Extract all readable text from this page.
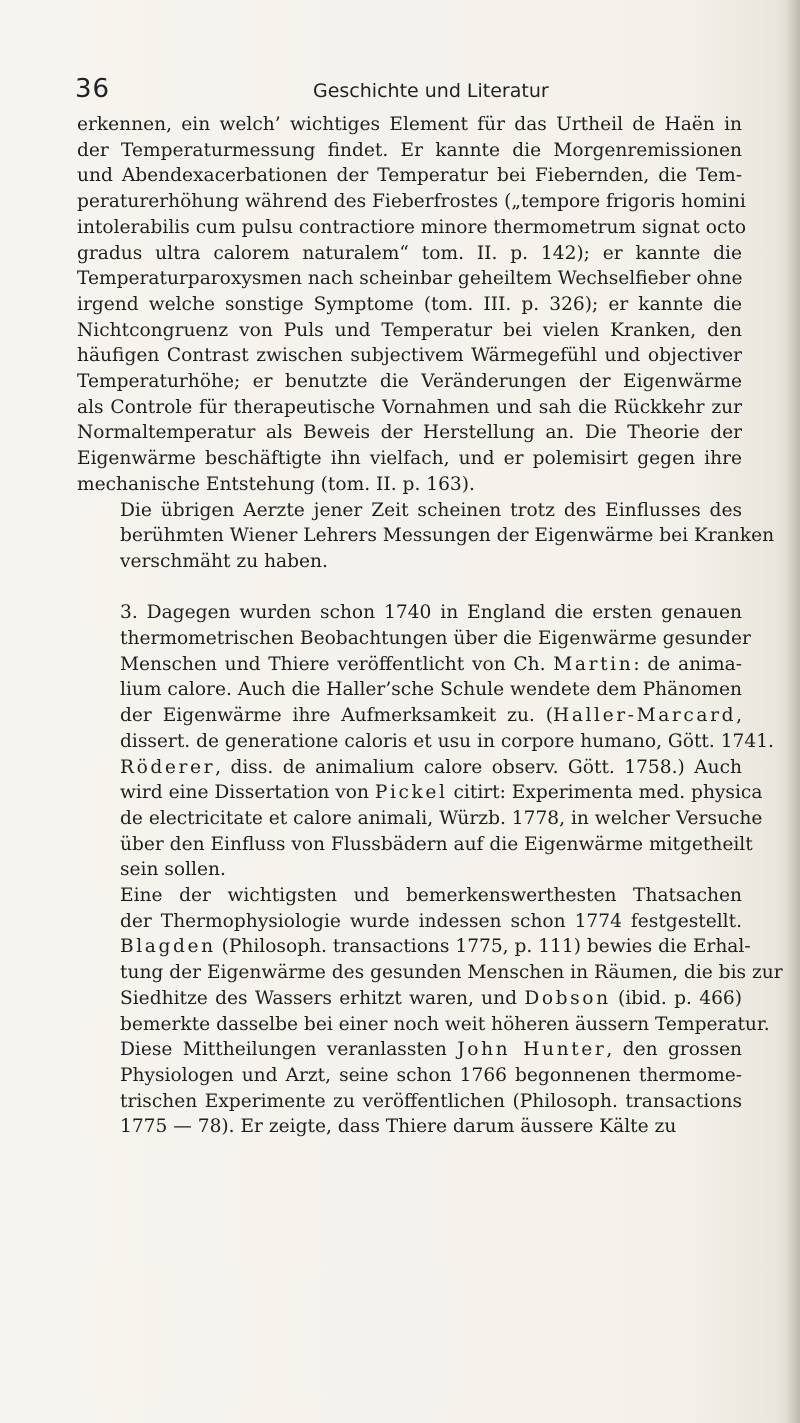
36	Geschichte und Literatur

erkennen, ein welch’ wichtiges Element für das Urtheil de Haën in
der Temperaturmessung findet. Er kannte die Morgenremissionen
und Abendexacerbationen der Temperatur bei Fiebernden, die Tem-
peraturerhöhung während des Fieberfrostes („tempore frigoris homini
intolerabilis cum pulsu contractiore minore thermometrum signat octo
gradus ultra calorem naturalem“ tom. II. p. 142); er kannte die
Temperaturparoxysmen nach scheinbar geheiltem Wechselfieber ohne
irgend welche sonstige Symptome (tom. III. p. 326); er kannte die
Nichtcongruenz von Puls und Temperatur bei vielen Kranken, den
häufigen Contrast zwischen subjectivem Wärmegefühl und objectiver
Temperaturhöhe; er benutzte die Veränderungen der Eigenwärme
als Controle für therapeutische Vornahmen und sah die Rückkehr zur
Normaltemperatur als Beweis der Herstellung an. Die Theorie der
Eigenwärme beschäftigte ihn vielfach, und er polemisirt gegen ihre
mechanische Entstehung (tom. II. p. 163).

Die übrigen Aerzte jener Zeit scheinen trotz des Einflusses des
berühmten Wiener Lehrers Messungen der Eigenwärme bei Kranken
verschmäht zu haben.

3. Dagegen wurden schon 1740 in England die ersten genauen
thermometrischen Beobachtungen über die Eigenwärme gesunder
Menschen und Thiere veröffentlicht von Ch. Martin: de anima-
lium calore. Auch die Haller’sche Schule wendete dem Phänomen
der Eigenwärme ihre Aufmerksamkeit zu. (Haller-Marcard,
dissert. de generatione caloris et usu in corpore humano, Gött. 1741.
Röderer, diss. de animalium calore observ. Gött. 1758.) Auch
wird eine Dissertation von Pickel citirt: Experimenta med. physica
de electricitate et calore animali, Würzb. 1778, in welcher Versuche
über den Einfluss von Flussbädern auf die Eigenwärme mitgetheilt
sein sollen.

Eine der wichtigsten und bemerkenswerthesten Thatsachen
der Thermophysiologie wurde indessen schon 1774 festgestellt.
Blagden (Philosoph. transactions 1775, p. 111) bewies die Erhal-
tung der Eigenwärme des gesunden Menschen in Räumen, die bis zur
Siedhitze des Wassers erhitzt waren, und Dobson (ibid. p. 466)
bemerkte dasselbe bei einer noch weit höheren äussern Temperatur.

Diese Mittheilungen veranlassten John Hunter, den grossen
Physiologen und Arzt, seine schon 1766 begonnenen thermome-
trischen Experimente zu veröffentlichen (Philosoph. transactions
1775 — 78). Er zeigte, dass Thiere darum äussere Kälte zu
